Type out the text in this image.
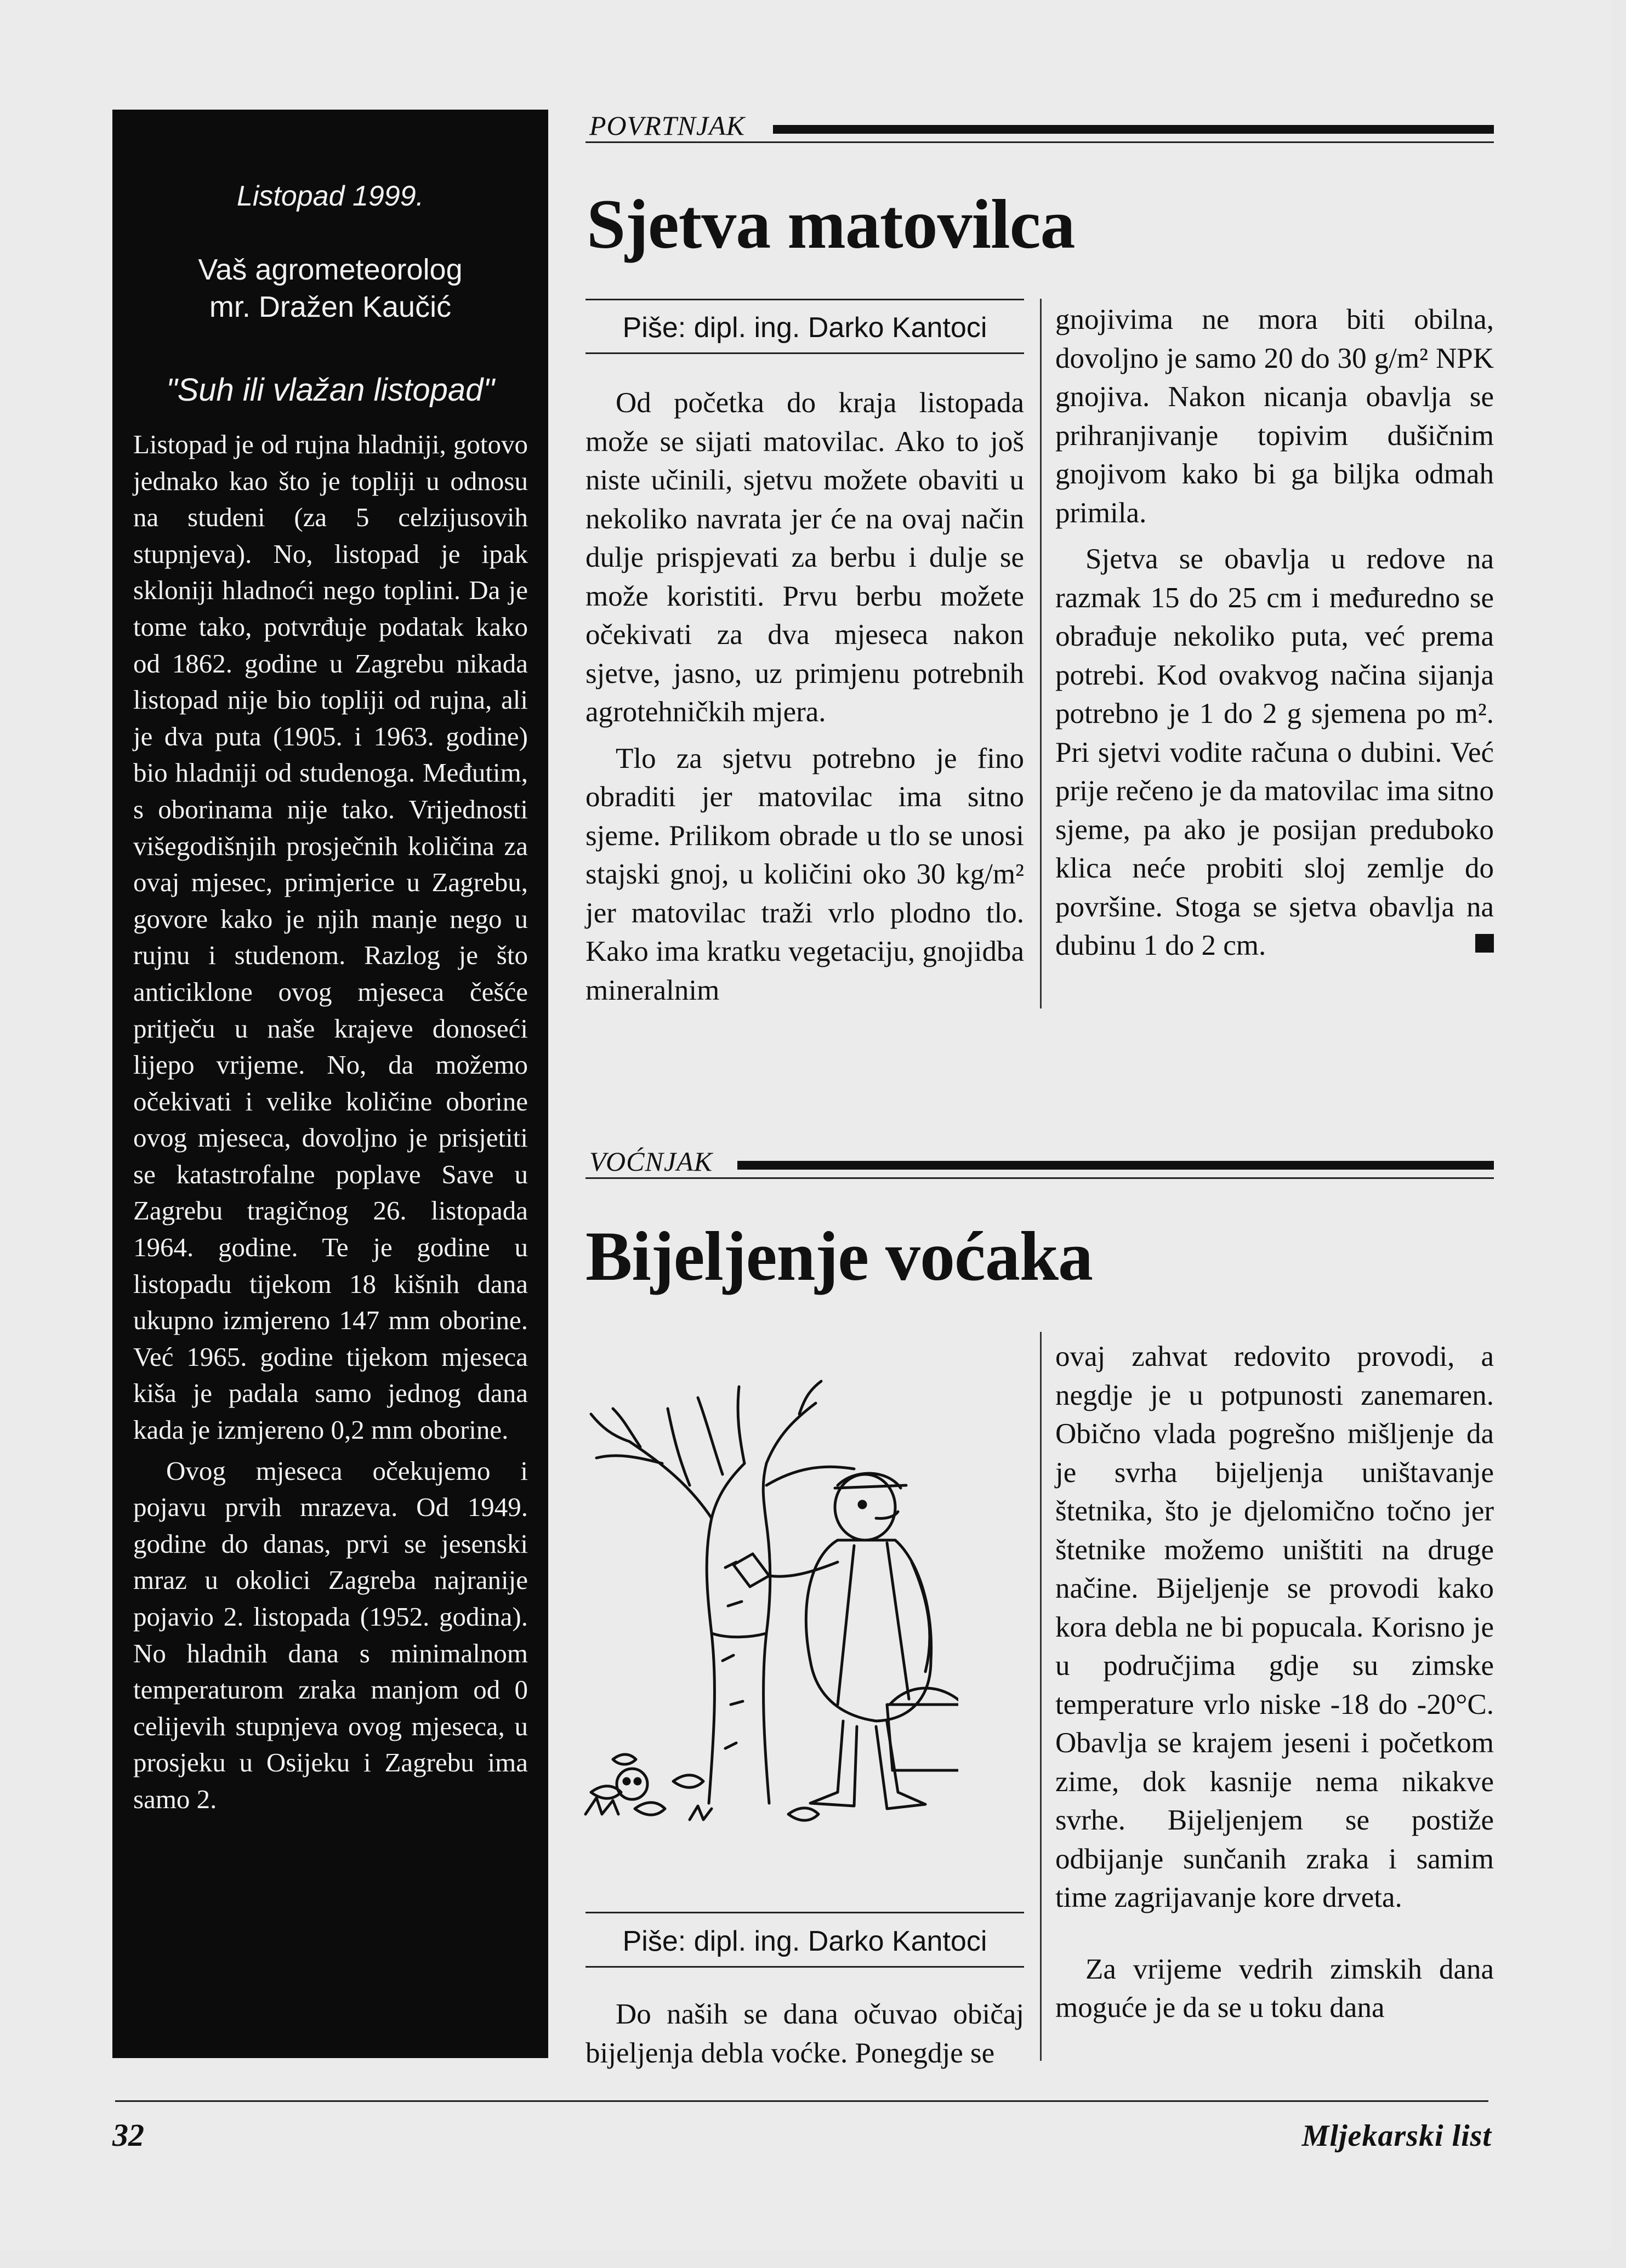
Listopad 1999.
Vaš agrometeorolog
mr. Dražen Kaučić
"Suh ili vlažan listopad"

Listopad je od rujna hladniji, gotovo jednako kao što je topliji u odnosu na studeni (za 5 celzijusovih stupnjeva). No, listopad je ipak skloniji hladnoći nego toplini. Da je tome tako, potvrđuje podatak kako od 1862. godine u Zagrebu nikada listopad nije bio topliji od rujna, ali je dva puta (1905. i 1963. godine) bio hladniji od studenoga. Međutim, s oborinama nije tako. Vrijednosti višegodišnjih prosječnih količina za ovaj mjesec, primjerice u Zagrebu, govore kako je njih manje nego u rujnu i studenom. Razlog je što anticiklone ovog mjeseca češće pritječu u naše krajeve donoseći lijepo vrijeme. No, da možemo očekivati i velike količine oborine ovog mjeseca, dovoljno je prisjetiti se katastrofalne poplave Save u Zagrebu tragičnog 26. listopada 1964. godine. Te je godine u listopadu tijekom 18 kišnih dana ukupno izmjereno 147 mm oborine. Već 1965. godine tijekom mjeseca kiša je padala samo jednog dana kada je izmjereno 0,2 mm oborine.

Ovog mjeseca očekujemo i pojavu prvih mrazeva. Od 1949. godine do danas, prvi se jesenski mraz u okolici Zagreba najranije pojavio 2. listopada (1952. godina). No hladnih dana s minimalnom temperaturom zraka manjom od 0 celijevih stupnjeva ovog mjeseca, u prosjeku u Osijeku i Zagrebu ima samo 2.

POVRTNJAK
Sjetva matovilca
Piše: dipl. ing. Darko Kantoci

Od početka do kraja listopada može se sijati matovilac. Ako to još niste učinili, sjetvu možete obaviti u nekoliko navrata jer će na ovaj način dulje prispjevati za berbu i dulje se može koristiti. Prvu berbu možete očekivati za dva mjeseca nakon sjetve, jasno, uz primjenu potrebnih agrotehničkih mjera.

Tlo za sjetvu potrebno je fino obraditi jer matovilac ima sitno sjeme. Prilikom obrade u tlo se unosi stajski gnoj, u količini oko 30 kg/m² jer matovilac traži vrlo plodno tlo. Kako ima kratku vegetaciju, gnojidba mineralnim

gnojivima ne mora biti obilna, dovoljno je samo 20 do 30 g/m² NPK gnojiva. Nakon nicanja obavlja se prihranjivanje topivim dušičnim gnojivom kako bi ga biljka odmah primila.

Sjetva se obavlja u redove na razmak 15 do 25 cm i međuredno se obrađuje nekoliko puta, već prema potrebi. Kod ovakvog načina sijanja potrebno je 1 do 2 g sjemena po m². Pri sjetvi vodite računa o dubini. Već prije rečeno je da matovilac ima sitno sjeme, pa ako je posijan preduboko klica neće probiti sloj zemlje do površine. Stoga se sjetva obavlja na dubinu 1 do 2 cm.

VOĆNJAK
Bijeljenje voćaka
Piše: dipl. ing. Darko Kantoci

Do naših se dana očuvao običaj bijeljenja debla voćke. Ponegdje se

ovaj zahvat redovito provodi, a negdje je u potpunosti zanemaren. Obično vlada pogrešno mišljenje da je svrha bijeljenja uništavanje štetnika, što je djelomično točno jer štetnike možemo uništiti na druge načine. Bijeljenje se provodi kako kora debla ne bi popucala. Korisno je u područjima gdje su zimske temperature vrlo niske -18 do -20°C. Obavlja se krajem jeseni i početkom zime, dok kasnije nema nikakve svrhe. Bijeljenjem se postiže odbijanje sunčanih zraka i samim time zagrijavanje kore drveta.

Za vrijeme vedrih zimskih dana moguće je da se u toku dana

32	Mljekarski list
